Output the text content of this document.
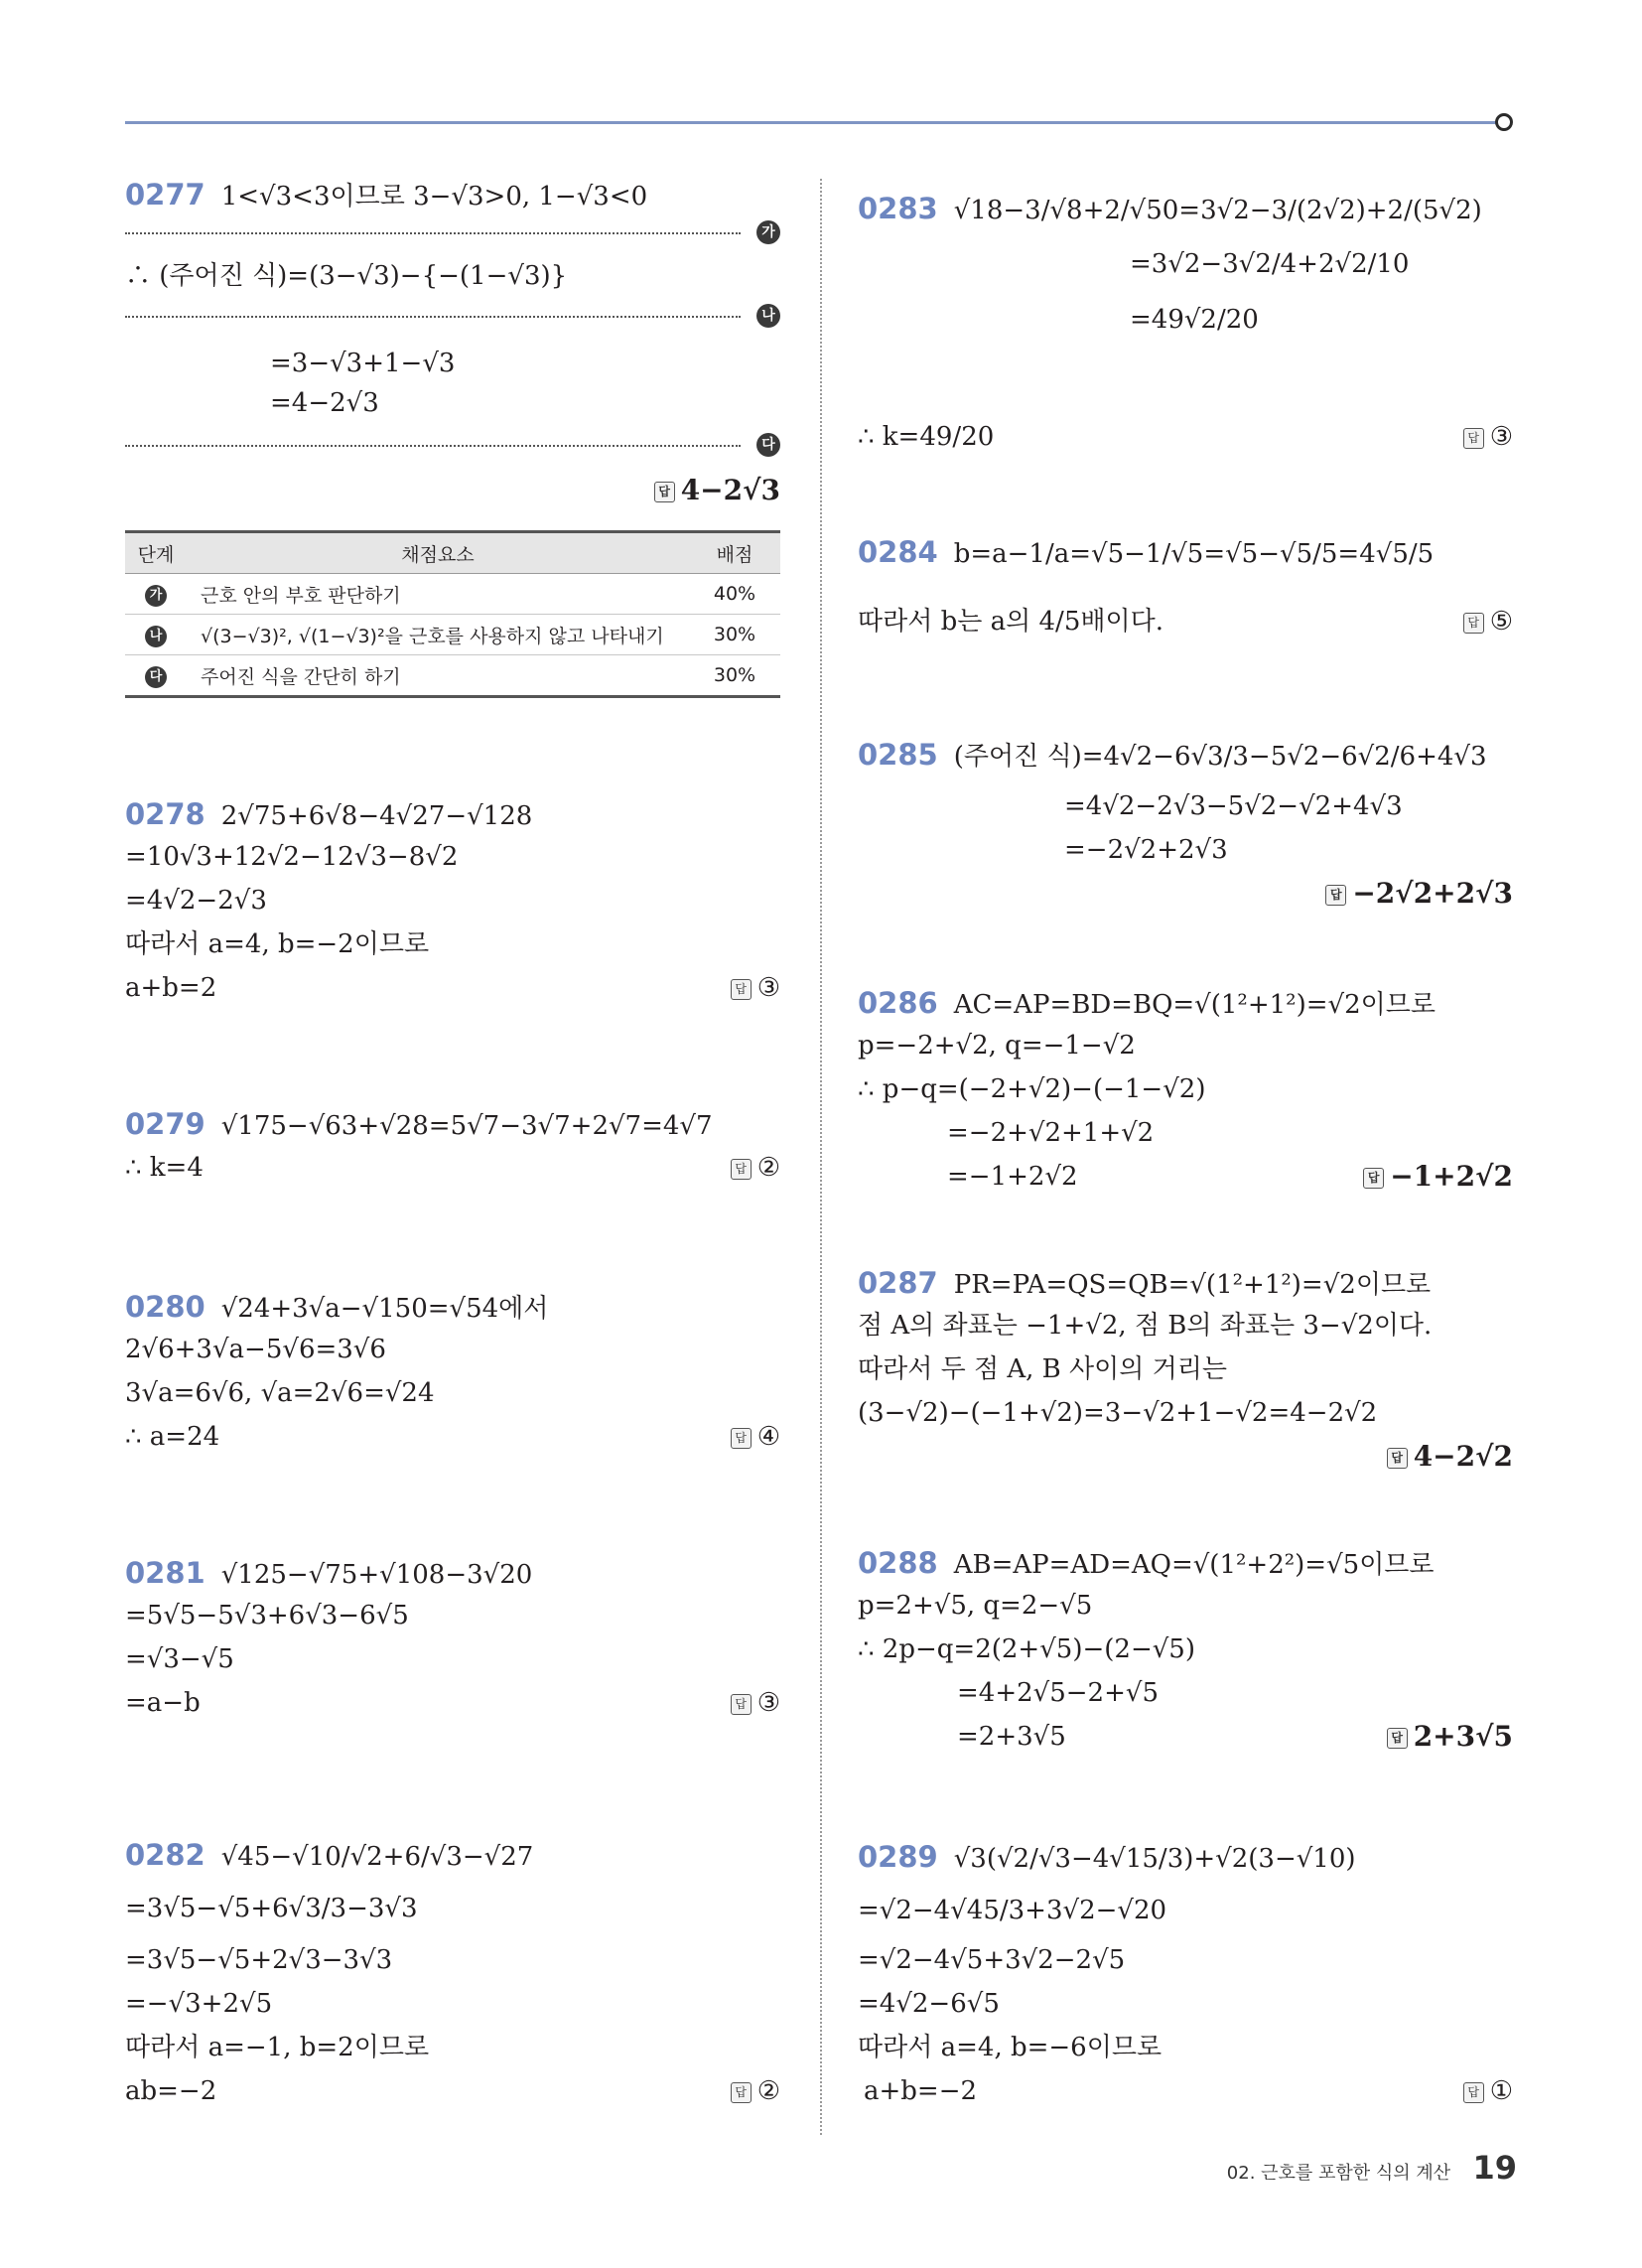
0277 1<√3<3이므로 3−√3>0, 1−√3<0
가
∴ (주어진 식)=(3−√3)−{−(1−√3)}
나
=3−√3+1−√3
=4−2√3
다
답 4−2√3
단계	채점요소	배점
가	근호 안의 부호 판단하기	40%
나	√(3−√3)², √(1−√3)²을 근호를 사용하지 않고 나타내기	30%
다	주어진 식을 간단히 하기	30%
0278 2√75+6√8−4√27−√128
=10√3+12√2−12√3−8√2
=4√2−2√3
따라서 a=4, b=−2이므로
a+b=2	답 ③
0279 √175−√63+√28=5√7−3√7+2√7=4√7
∴ k=4	답 ②
0280 √24+3√a−√150=√54에서
2√6+3√a−5√6=3√6
3√a=6√6, √a=2√6=√24
∴ a=24	답 ④
0281 √125−√75+√108−3√20
=5√5−5√3+6√3−6√5
=√3−√5
=a−b	답 ③
0282 √45−√10/√2+6/√3−√27
=3√5−√5+6√3/3−3√3
=3√5−√5+2√3−3√3
=−√3+2√5
따라서 a=−1, b=2이므로
ab=−2	답 ②
0283 √18−3/√8+2/√50=3√2−3/(2√2)+2/(5√2)
=3√2−3√2/4+2√2/10
=49√2/20
∴ k=49/20	답 ③
0284 b=a−1/a=√5−1/√5=√5−√5/5=4√5/5
따라서 b는 a의 4/5배이다.	답 ⑤
0285 (주어진 식)=4√2−6√3/3−5√2−6√2/6+4√3
=4√2−2√3−5√2−√2+4√3
=−2√2+2√3
답 −2√2+2√3
0286 AC=AP=BD=BQ=√(1²+1²)=√2이므로
p=−2+√2, q=−1−√2
∴ p−q=(−2+√2)−(−1−√2)
=−2+√2+1+√2
=−1+2√2	답 −1+2√2
0287 PR=PA=QS=QB=√(1²+1²)=√2이므로
점 A의 좌표는 −1+√2, 점 B의 좌표는 3−√2이다.
따라서 두 점 A, B 사이의 거리는
(3−√2)−(−1+√2)=3−√2+1−√2=4−2√2
답 4−2√2
0288 AB=AP=AD=AQ=√(1²+2²)=√5이므로
p=2+√5, q=2−√5
∴ 2p−q=2(2+√5)−(2−√5)
=4+2√5−2+√5
=2+3√5	답 2+3√5
0289 √3(√2/√3−4√15/3)+√2(3−√10)
=√2−4√45/3+3√2−√20
=√2−4√5+3√2−2√5
=4√2−6√5
따라서 a=4, b=−6이므로
a+b=−2	답 ①
02. 근호를 포함한 식의 계산 19
